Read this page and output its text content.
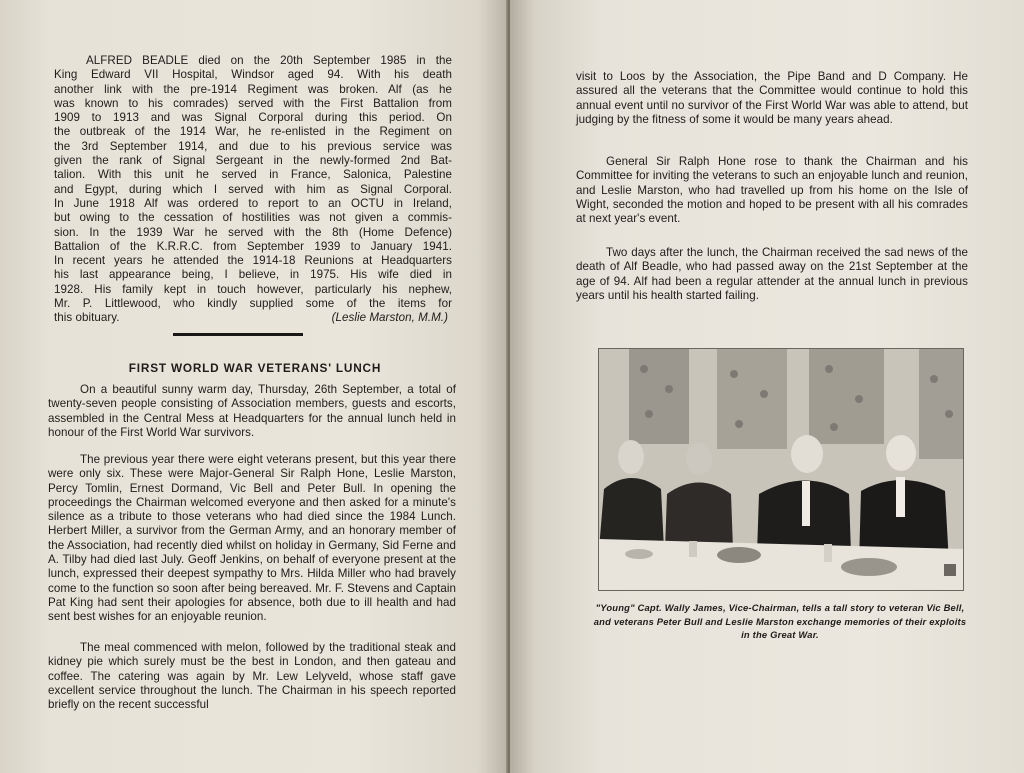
ALFRED BEADLE died on the 20th September 1985 in the
King Edward VII Hospital, Windsor aged 94. With his death
another link with the pre-1914 Regiment was broken. Alf (as he
was known to his comrades) served with the First Battalion from
1909 to 1913 and was Signal Corporal during this period. On
the outbreak of the 1914 War, he re-enlisted in the Regiment on
the 3rd September 1914, and due to his previous service was
given the rank of Signal Sergeant in the newly-formed 2nd Bat-
talion. With this unit he served in France, Salonica, Palestine
and Egypt, during which I served with him as Signal Corporal.
In June 1918 Alf was ordered to report to an OCTU in Ireland,
but owing to the cessation of hostilities was not given a commis-
sion. In the 1939 War he served with the 8th (Home Defence)
Battalion of the K.R.R.C. from September 1939 to January 1941.
In recent years he attended the 1914-18 Reunions at Headquarters
his last appearance being, I believe, in 1975. His wife died in
1928. His family kept in touch however, particularly his nephew,
Mr. P. Littlewood, who kindly supplied some of the items for
this obituary.	(Leslie Marston, M.M.)
FIRST WORLD WAR VETERANS' LUNCH

On a beautiful sunny warm day, Thursday, 26th September, a total of twenty-seven people consisting of Association members, guests and escorts, assembled in the Central Mess at Headquarters for the annual lunch held in honour of the First World War survivors.

The previous year there were eight veterans present, but this year there were only six. These were Major-General Sir Ralph Hone, Leslie Marston, Percy Tomlin, Ernest Dormand, Vic Bell and Peter Bull. In opening the proceedings the Chairman welcomed everyone and then asked for a minute's silence as a tribute to those veterans who had died since the 1984 Lunch. Herbert Miller, a survivor from the German Army, and an honorary member of the Association, had recently died whilst on holiday in Germany, Sid Ferne and A. Tilby had died last July. Geoff Jenkins, on behalf of everyone present at the lunch, expressed their deepest sympathy to Mrs. Hilda Miller who had bravely come to the function so soon after being bereaved. Mr. F. Stevens and Captain Pat King had sent their apologies for absence, both due to ill health and had sent best wishes for an enjoyable reunion.

The meal commenced with melon, followed by the traditional steak and kidney pie which surely must be the best in London, and then gateau and coffee. The catering was again by Mr. Lew Lelyveld, whose staff gave excellent service throughout the lunch. The Chairman in his speech reported briefly on the recent successful

visit to Loos by the Association, the Pipe Band and D Company. He assured all the veterans that the Committee would continue to hold this annual event until no survivor of the First World War was able to attend, but judging by the fitness of some it would be many years ahead.

General Sir Ralph Hone rose to thank the Chairman and his Committee for inviting the veterans to such an enjoyable lunch and reunion, and Leslie Marston, who had travelled up from his home on the Isle of Wight, seconded the motion and hoped to be present with all his comrades at next year's event.

Two days after the lunch, the Chairman received the sad news of the death of Alf Beadle, who had passed away on the 21st September at the age of 94. Alf had been a regular attender at the annual lunch in previous years until his health started failing.

"Young" Capt. Wally James, Vice-Chairman, tells a tall story to veteran Vic Bell, and veterans Peter Bull and Leslie Marston exchange memories of their exploits in the Great War.
